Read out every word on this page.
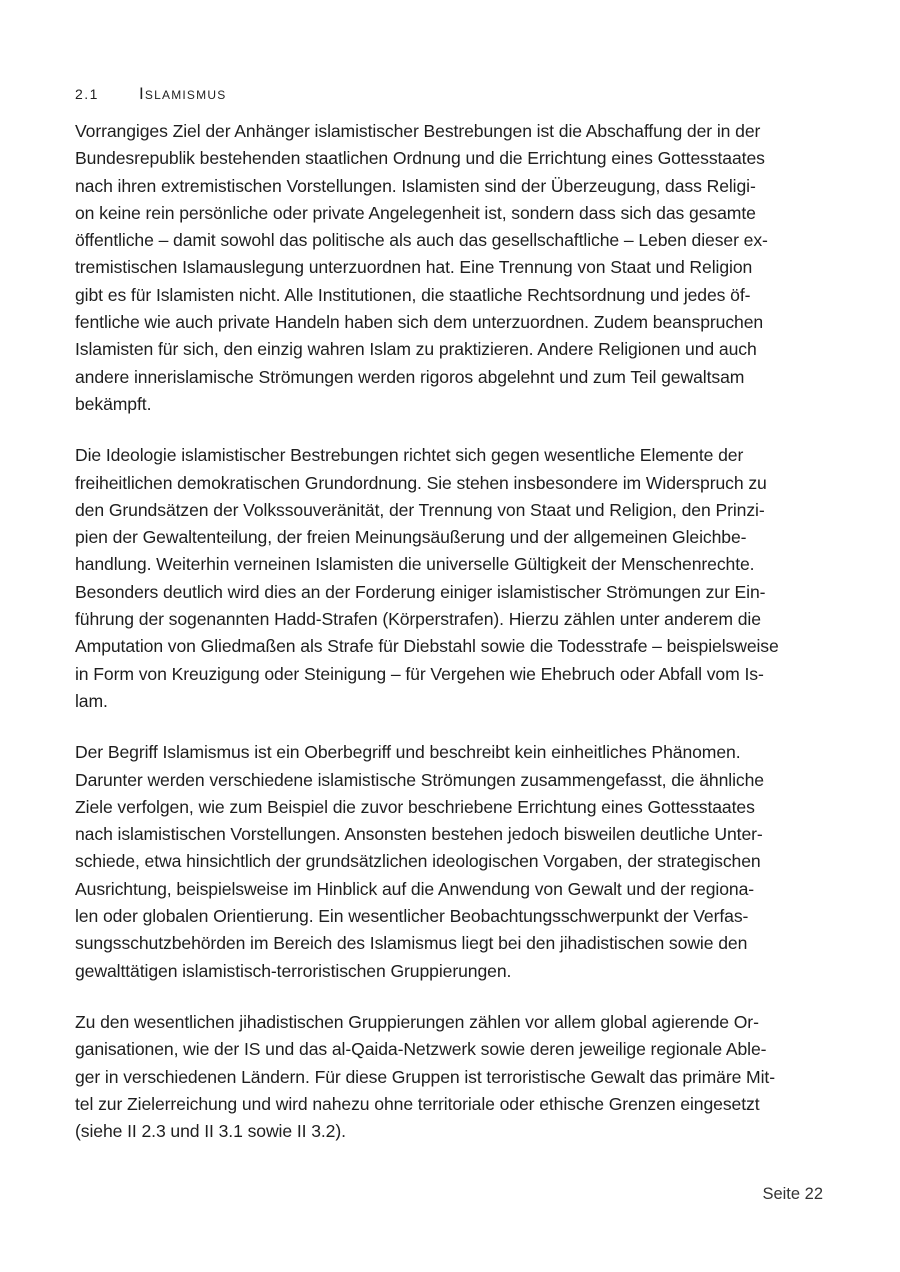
2.1	Islamismus

Vorrangiges Ziel der Anhänger islamistischer Bestrebungen ist die Abschaffung der in der
Bundesrepublik bestehenden staatlichen Ordnung und die Errichtung eines Gottesstaates
nach ihren extremistischen Vorstellungen. Islamisten sind der Überzeugung, dass Religi-
on keine rein persönliche oder private Angelegenheit ist, sondern dass sich das gesamte
öffentliche – damit sowohl das politische als auch das gesellschaftliche – Leben dieser ex-
tremistischen Islamauslegung unterzuordnen hat. Eine Trennung von Staat und Religion
gibt es für Islamisten nicht. Alle Institutionen, die staatliche Rechtsordnung und jedes öf-
fentliche wie auch private Handeln haben sich dem unterzuordnen. Zudem beanspruchen
Islamisten für sich, den einzig wahren Islam zu praktizieren. Andere Religionen und auch
andere innerislamische Strömungen werden rigoros abgelehnt und zum Teil gewaltsam
bekämpft.

Die Ideologie islamistischer Bestrebungen richtet sich gegen wesentliche Elemente der
freiheitlichen demokratischen Grundordnung. Sie stehen insbesondere im Widerspruch zu
den Grundsätzen der Volkssouveränität, der Trennung von Staat und Religion, den Prinzi-
pien der Gewaltenteilung, der freien Meinungsäußerung und der allgemeinen Gleichbe-
handlung. Weiterhin verneinen Islamisten die universelle Gültigkeit der Menschenrechte.
Besonders deutlich wird dies an der Forderung einiger islamistischer Strömungen zur Ein-
führung der sogenannten Hadd-Strafen (Körperstrafen). Hierzu zählen unter anderem die
Amputation von Gliedmaßen als Strafe für Diebstahl sowie die Todesstrafe – beispielsweise
in Form von Kreuzigung oder Steinigung – für Vergehen wie Ehebruch oder Abfall vom Is-
lam.

Der Begriff Islamismus ist ein Oberbegriff und beschreibt kein einheitliches Phänomen.
Darunter werden verschiedene islamistische Strömungen zusammengefasst, die ähnliche
Ziele verfolgen, wie zum Beispiel die zuvor beschriebene Errichtung eines Gottesstaates
nach islamistischen Vorstellungen. Ansonsten bestehen jedoch bisweilen deutliche Unter-
schiede, etwa hinsichtlich der grundsätzlichen ideologischen Vorgaben, der strategischen
Ausrichtung, beispielsweise im Hinblick auf die Anwendung von Gewalt und der regiona-
len oder globalen Orientierung. Ein wesentlicher Beobachtungsschwerpunkt der Verfas-
sungsschutzbehörden im Bereich des Islamismus liegt bei den jihadistischen sowie den
gewalttätigen islamistisch-terroristischen Gruppierungen.

Zu den wesentlichen jihadistischen Gruppierungen zählen vor allem global agierende Or-
ganisationen, wie der IS und das al-Qaida-Netzwerk sowie deren jeweilige regionale Able-
ger in verschiedenen Ländern. Für diese Gruppen ist terroristische Gewalt das primäre Mit-
tel zur Zielerreichung und wird nahezu ohne territoriale oder ethische Grenzen eingesetzt
(siehe II 2.3 und II 3.1 sowie II 3.2).

Seite 22
